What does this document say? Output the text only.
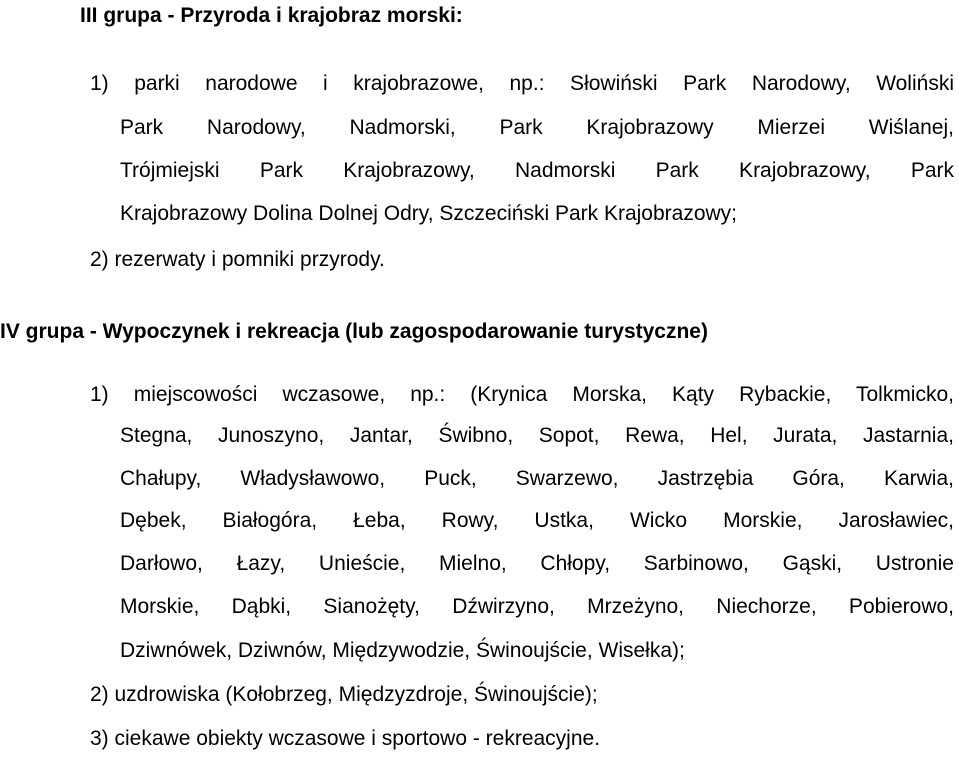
III grupa - Przyroda i krajobraz morski:

1) parki narodowe i krajobrazowe, np.: Słowiński Park Narodowy, Woliński

Park Narodowy, Nadmorski, Park Krajobrazowy Mierzei Wiślanej,

Trójmiejski Park Krajobrazowy, Nadmorski Park Krajobrazowy, Park

Krajobrazowy Dolina Dolnej Odry, Szczeciński Park Krajobrazowy;

2) rezerwaty i pomniki przyrody.

IV grupa - Wypoczynek i rekreacja (lub zagospodarowanie turystyczne)

1) miejscowości wczasowe, np.: (Krynica Morska, Kąty Rybackie, Tolkmicko,

Stegna, Junoszyno, Jantar, Świbno, Sopot, Rewa, Hel, Jurata, Jastarnia,

Chałupy, Władysławowo, Puck, Swarzewo, Jastrzębia Góra, Karwia,

Dębek, Białogóra, Łeba, Rowy, Ustka, Wicko Morskie, Jarosławiec,

Darłowo, Łazy, Unieście, Mielno, Chłopy, Sarbinowo, Gąski, Ustronie

Morskie, Dąbki, Sianożęty, Dźwirzyno, Mrzeżyno, Niechorze, Pobierowo,

Dziwnówek, Dziwnów, Międzywodzie, Świnoujście, Wisełka);

2) uzdrowiska (Kołobrzeg, Międzyzdroje, Świnoujście);

3) ciekawe obiekty wczasowe i sportowo - rekreacyjne.
